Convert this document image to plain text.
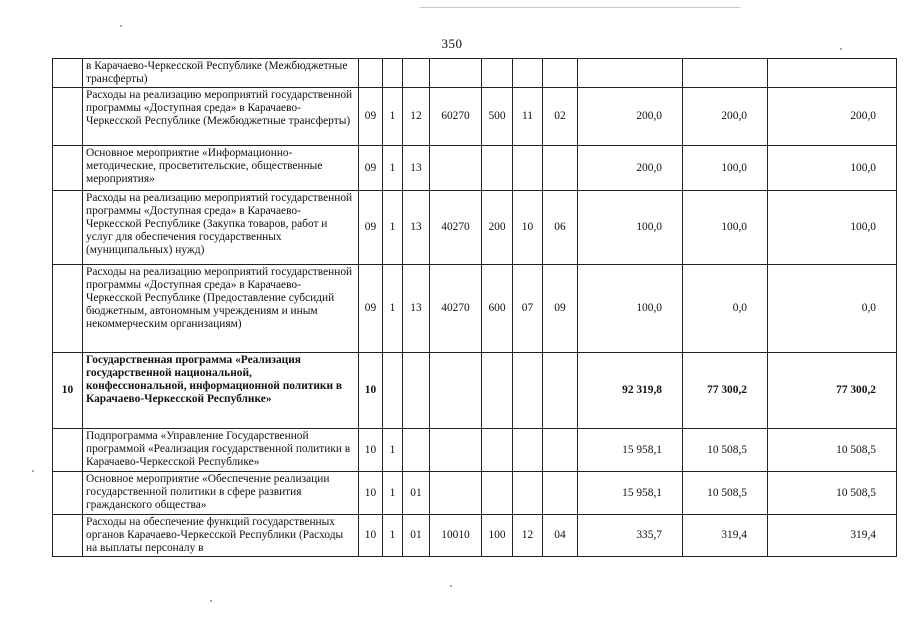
350
	в Карачаево-Черкесской Республике (Межбюджетные трансферты)										
	Расходы на реализацию мероприятий государственной программы «Доступная среда» в Карачаево-Черкесской Республике (Межбюджетные трансферты)	09	1	12	60270	500	11	02	200,0	200,0	200,0
	Основное мероприятие «Информационно-методические, просветительские, общественные мероприятия»	09	1	13					200,0	100,0	100,0
	Расходы на реализацию мероприятий государственной программы «Доступная среда» в Карачаево-Черкесской Республике (Закупка товаров, работ и услуг для обеспечения государственных (муниципальных) нужд)	09	1	13	40270	200	10	06	100,0	100,0	100,0
	Расходы на реализацию мероприятий государственной программы «Доступная среда» в Карачаево-Черкесской Республике (Предоставление субсидий бюджетным, автономным учреждениям и иным некоммерческим организациям)	09	1	13	40270	600	07	09	100,0	0,0	0,0
10	Государственная программа «Реализация государственной национальной, конфессиональной, информационной политики в Карачаево-Черкесской Республике»	10							92 319,8	77 300,2	77 300,2
	Подпрограмма «Управление Государственной программой «Реализация государственной политики в Карачаево-Черкесской Республике»	10	1						15 958,1	10 508,5	10 508,5
	Основное мероприятие «Обеспечение реализации государственной политики в сфере развития гражданского общества»	10	1	01					15 958,1	10 508,5	10 508,5
	Расходы на обеспечение функций государственных органов Карачаево-Черкесской Республики (Расходы на выплаты персоналу в	10	1	01	10010	100	12	04	335,7	319,4	319,4
